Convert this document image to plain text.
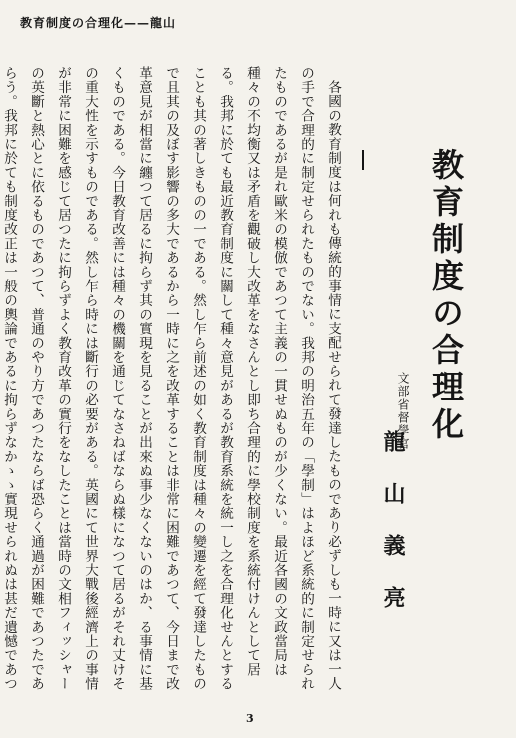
教育制度の合理化——龍山
教育制度の合理化
文部省督學官
龍山義亮

各國の教育制度は何れも傳統的事情に支配せられて發達したものであり必ずしも一時に又は一人の手で合理的に制定せられたものでない。我邦の明治五年の「學制」はよほど系統的に制定せられたものであるが是れ歐米の模倣であつて主義の一貫せぬものが少くない。最近各國の文政當局は種々の不均衡又は矛盾を觀破し大改革をなさんとし即ち合理的に學校制度を系統付けんとして居る。我邦に於ても最近教育制度に關して種々意見があるが教育系統を統一し之を合理化せんとすることも其の著しきものの一である。然し乍ら前述の如く教育制度は種々の變遷を經て發達したもので且其の及ぼす影響の多大であるから一時に之を改革することは非常に困難であつて、今日まで改革意見が相當に纏つて居るに拘らず其の實現を見ることが出來ぬ事少なくないのはか、る事情に基くものである。今日教育改善には種々の機關を通じてなさねばならぬ樣になつて居るがそれ丈けその重大性を示すものである。然し乍ら時には斷行の必要がある。英國にて世界大戰後經濟上の事情が非常に困難を感じて居つたに拘らずよく教育改革の實行をなしたことは當時の文相フィッシャーの英斷と熱心とに依るものであつて、普通のやり方であつたならば恐らく通過が困難であつたであらう。我邦に於ても制度改正は一般の輿論であるに拘らずなかゝゝ實現せられぬは甚だ遺憾であつ

3
